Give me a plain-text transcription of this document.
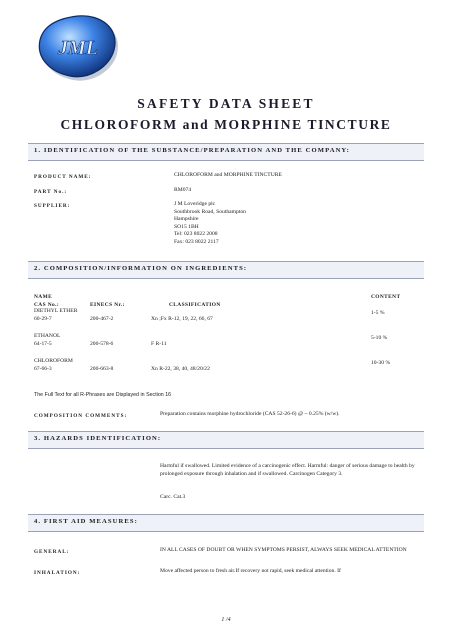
JML
SAFETY DATA SHEET
CHLOROFORM and MORPHINE TINCTURE
1. IDENTIFICATION OF THE SUBSTANCE/PREPARATION AND THE COMPANY:
PRODUCT NAME:	CHLOROFORM and MORPHINE TINCTURE
PART No.:	RM074
SUPPLIER:	J M Loveridge plc
Southbrook Road, Southampton
Hampshire
SO15 1BH
Tel: 023 8022 2008
Fax: 023 8022 2117
2. COMPOSITION/INFORMATION ON INGREDIENTS:
NAME	CONTENT
CAS No.:	EINECS Nr.:	CLASSIFICATION
DIETHYL ETHER	1-5 %
60-29-7	200-467-2	Xn ;Fx R-12, 19, 22, 66, 67
ETHANOL	5-10 %
64-17-5	200-578-6	F R-11
CHLOROFORM	10-30 %
67-66-3	200-663-8	Xn R-22, 38, 40, 48/20/22
The Full Text for all R-Phrases are Displayed in Section 16
COMPOSITION COMMENTS:	Preparation contains morphine hydrochloride (CAS 52-26-6) @ ~ 0.25% (w/w).
3. HAZARDS IDENTIFICATION:
Harmful if swallowed. Limited evidence of a carcinogenic effect. Harmful: danger of serious damage to health by prolonged exposure through inhalation and if swallowed. Carcinogen Category 3.
Carc. Cat.3
4. FIRST AID MEASURES:
GENERAL:	IN ALL CASES OF DOUBT OR WHEN SYMPTOMS PERSIST, ALWAYS SEEK MEDICAL ATTENTION
INHALATION:	Move affected person to fresh air.If recovery not rapid, seek medical attention. If
1 /4
